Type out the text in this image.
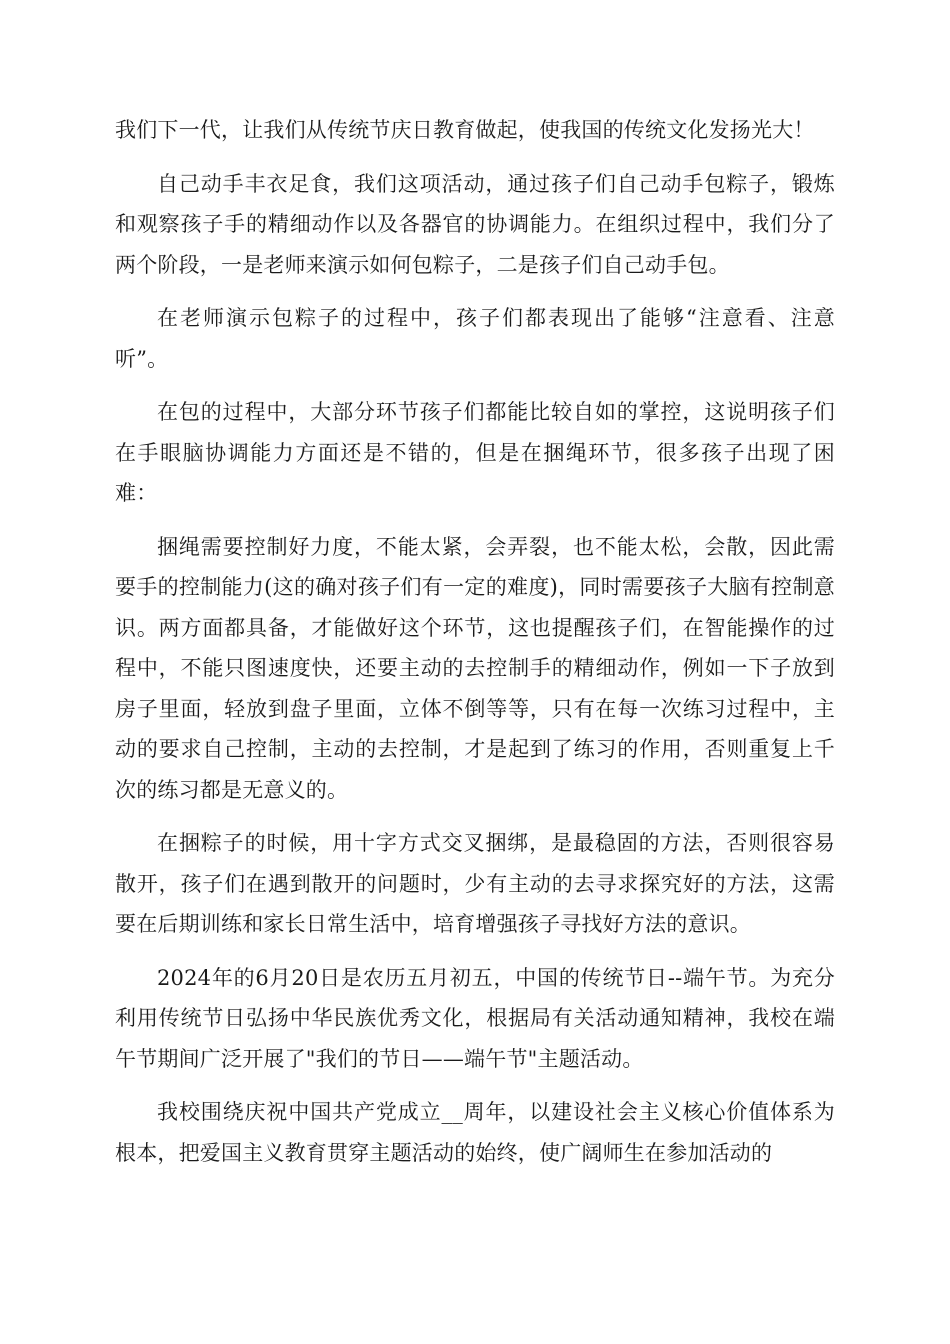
我们下一代，让我们从传统节庆日教育做起，使我国的传统文化发扬光大！

自己动手丰衣足食，我们这项活动，通过孩子们自己动手包粽子，锻炼和观察孩子手的精细动作以及各器官的协调能力。在组织过程中，我们分了两个阶段，一是老师来演示如何包粽子，二是孩子们自己动手包。

在老师演示包粽子的过程中，孩子们都表现出了能够“注意看、注意听”。

在包的过程中，大部分环节孩子们都能比较自如的掌控，这说明孩子们在手眼脑协调能力方面还是不错的，但是在捆绳环节，很多孩子出现了困难：

捆绳需要控制好力度，不能太紧，会弄裂，也不能太松，会散，因此需要手的控制能力(这的确对孩子们有一定的难度)，同时需要孩子大脑有控制意识。两方面都具备，才能做好这个环节，这也提醒孩子们，在智能操作的过程中，不能只图速度快，还要主动的去控制手的精细动作，例如一下子放到房子里面，轻放到盘子里面，立体不倒等等，只有在每一次练习过程中，主动的要求自己控制，主动的去控制，才是起到了练习的作用，否则重复上千次的练习都是无意义的。

在捆粽子的时候，用十字方式交叉捆绑，是最稳固的方法，否则很容易散开，孩子们在遇到散开的问题时，少有主动的去寻求探究好的方法，这需要在后期训练和家长日常生活中，培育增强孩子寻找好方法的意识。

2024年的6月20日是农历五月初五，中国的传统节日--端午节。为充分利用传统节日弘扬中华民族优秀文化，根据局有关活动通知精神，我校在端午节期间广泛开展了"我们的节日——端午节"主题活动。

我校围绕庆祝中国共产党成立__周年，以建设社会主义核心价值体系为根本，把爱国主义教育贯穿主题活动的始终，使广阔师生在参加活动的
